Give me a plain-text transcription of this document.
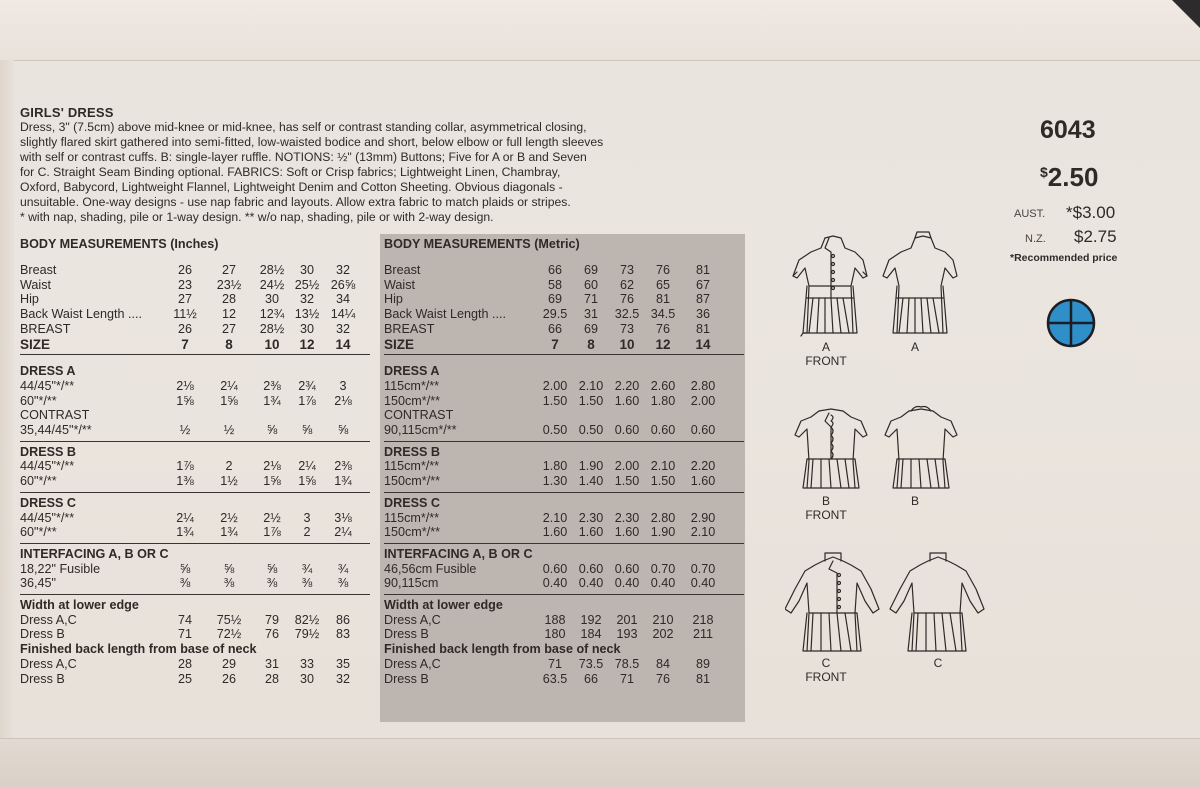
GIRLS' DRESS
Dress, 3" (7.5cm) above mid-knee or mid-knee, has self or contrast standing collar, asymmetrical closing,
slightly flared skirt gathered into semi-fitted, low-waisted bodice and short, below elbow or full length sleeves
with self or contrast cuffs. B: single-layer ruffle. NOTIONS: ½" (13mm) Buttons; Five for A or B and Seven
for C. Straight Seam Binding optional. FABRICS: Soft or Crisp fabrics; Lightweight Linen, Chambray,
Oxford, Babycord, Lightweight Flannel, Lightweight Denim and Cotton Sheeting. Obvious diagonals -
unsuitable. One-way designs - use nap fabric and layouts. Allow extra fabric to match plaids or stripes.
* with nap, shading, pile or 1-way design. ** w/o nap, shading, pile or with 2-way design.
BODY MEASUREMENTS (Inches)
Breast	26	27	28½	30	32
Waist	23	23½	24½ 25½ 26⅝
Hip	27	28	30	32	34
Back Waist Length ....	11½	12	12¾ 13½ 14¼
BREAST	26	27	28½	30	32
SIZE	7	8	10	12	14
DRESS A
44/45"*/**	2⅛	2¼	2⅜	2¾	3
60"*/**	1⅝	1⅝	1¾	1⅞	2⅛
CONTRAST
35,44/45"*/**	½	½	⅝	⅝	⅝
DRESS B
44/45"*/**	1⅞	2	2⅛	2¼	2⅜
60"*/**	1⅜	1½	1⅝	1⅝	1¾
DRESS C
44/45"*/**	2¼	2½	2½	3	3⅛
60"*/**	1¾	1¾	1⅞	2	2¼
INTERFACING A, B OR C
18,22" Fusible	⅝	⅝	⅝	¾	¾
36,45"	⅜	⅜	⅜	⅜	⅜
Width at lower edge
Dress A,C	74	75½	79	82½	86
Dress B	71	72½	76	79½	83
Finished back length from base of neck
Dress A,C	28	29	31	33	35
Dress B	25	26	28	30	32
BODY MEASUREMENTS (Metric)
Breast	66	69	73	76	81
Waist	58	60	62	65	67
Hip	69	71	76	81	87
Back Waist Length ....	29.5	31	32.5 34.5	36
BREAST	66	69	73	76	81
SIZE	7	8	10	12	14
DRESS A
115cm*/**	2.00 2.10 2.20 2.60	2.80
150cm*/**	1.50 1.50 1.60 1.80	2.00
CONTRAST
90,115cm*/**	0.50 0.50 0.60 0.60	0.60
DRESS B
115cm*/**	1.80 1.90 2.00 2.10	2.20
150cm*/**	1.30 1.40 1.50 1.50	1.60
DRESS C
115cm*/**	2.10 2.30 2.30 2.80	2.90
150cm*/**	1.60 1.60 1.60 1.90	2.10
INTERFACING A, B OR C
46,56cm Fusible	0.60 0.60 0.60 0.70	0.70
90,115cm	0.40 0.40 0.40 0.40	0.40
Width at lower edge
Dress A,C	188	192	201	210	218
Dress B	180	184	193	202	211
Finished back length from base of neck
Dress A,C	71	73.5 78.5	84	89
Dress B	63.5	66	71	76	81
6043
$2.50
AUST. *$3.00
N.Z. $2.75
*Recommended price
A
FRONT
A
B
FRONT
B
C
FRONT
C
